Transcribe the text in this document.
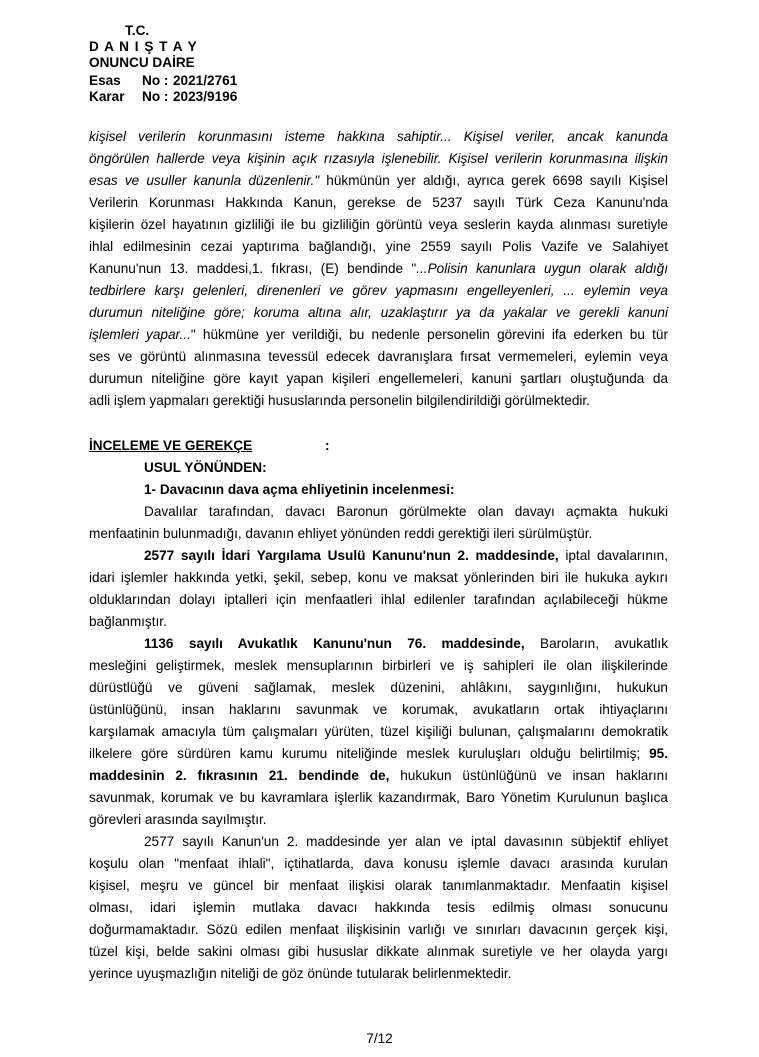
T.C.
D A N I Ş T A Y
ONUNCU DAİRE
Esas No : 2021/2761
Karar No : 2023/9196
kişisel verilerin korunmasını isteme hakkına sahiptir... Kişisel veriler, ancak kanunda
öngörülen hallerde veya kişinin açık rızasıyla işlenebilir. Kişisel verilerin korunmasına ilişkin
esas ve usuller kanunla düzenlenir." hükmünün yer aldığı, ayrıca gerek 6698 sayılı Kişisel
Verilerin Korunması Hakkında Kanun, gerekse de 5237 sayılı Türk Ceza Kanunu'nda
kişilerin özel hayatının gizliliği ile bu gizliliğin görüntü veya seslerin kayda alınması suretiyle
ihlal edilmesinin cezai yaptırıma bağlandığı, yine 2559 sayılı Polis Vazife ve Salahiyet
Kanunu'nun 13. maddesi,1. fıkrası, (E) bendinde "...Polisin kanunlara uygun olarak aldığı
tedbirlere karşı gelenleri, direnenleri ve görev yapmasını engelleyenleri, ... eylemin veya
durumun niteliğine göre; koruma altına alır, uzaklaştırır ya da yakalar ve gerekli kanuni
işlemleri yapar..." hükmüne yer verildiği, bu nedenle personelin görevini ifa ederken bu tür
ses ve görüntü alınmasına tevessül edecek davranışlara fırsat vermemeleri, eylemin veya
durumun niteliğine göre kayıt yapan kişileri engellemeleri, kanuni şartları oluştuğunda da
adli işlem yapmaları gerektiği hususlarında personelin bilgilendirildiği görülmektedir.
İNCELEME VE GEREKÇE	:
USUL YÖNÜNDEN:
1- Davacının dava açma ehliyetinin incelenmesi:
Davalılar tarafından, davacı Baronun görülmekte olan davayı açmakta hukuki
menfaatinin bulunmadığı, davanın ehliyet yönünden reddi gerektiği ileri sürülmüştür.
2577 sayılı İdari Yargılama Usulü Kanunu'nun 2. maddesinde, iptal davalarının,
idari işlemler hakkında yetki, şekil, sebep, konu ve maksat yönlerinden biri ile hukuka aykırı
olduklarından dolayı iptalleri için menfaatleri ihlal edilenler tarafından açılabileceği hükme
bağlanmıştır.
1136 sayılı Avukatlık Kanunu'nun 76. maddesinde, Baroların, avukatlık
mesleğini geliştirmek, meslek mensuplarının birbirleri ve iş sahipleri ile olan ilişkilerinde
dürüstlüğü ve güveni sağlamak, meslek düzenini, ahlâkını, saygınlığını, hukukun
üstünlüğünü, insan haklarını savunmak ve korumak, avukatların ortak ihtiyaçlarını
karşılamak amacıyla tüm çalışmaları yürüten, tüzel kişiliği bulunan, çalışmalarını demokratik
ilkelere göre sürdüren kamu kurumu niteliğinde meslek kuruluşları olduğu belirtilmiş; 95.
maddesinin 2. fıkrasının 21. bendinde de, hukukun üstünlüğünü ve insan haklarını
savunmak, korumak ve bu kavramlara işlerlik kazandırmak, Baro Yönetim Kurulunun başlıca
görevleri arasında sayılmıştır.
2577 sayılı Kanun'un 2. maddesinde yer alan ve iptal davasının sübjektif ehliyet
koşulu olan "menfaat ihlali", içtihatlarda, dava konusu işlemle davacı arasında kurulan
kişisel, meşru ve güncel bir menfaat ilişkisi olarak tanımlanmaktadır. Menfaatin kişisel
olması, idari işlemin mutlaka davacı hakkında tesis edilmiş olması sonucunu
doğurmamaktadır. Sözü edilen menfaat ilişkisinin varlığı ve sınırları davacının gerçek kişi,
tüzel kişi, belde sakini olması gibi hususlar dikkate alınmak suretiyle ve her olayda yargı
yerince uyuşmazlığın niteliği de göz önünde tutularak belirlenmektedir.
7/12
